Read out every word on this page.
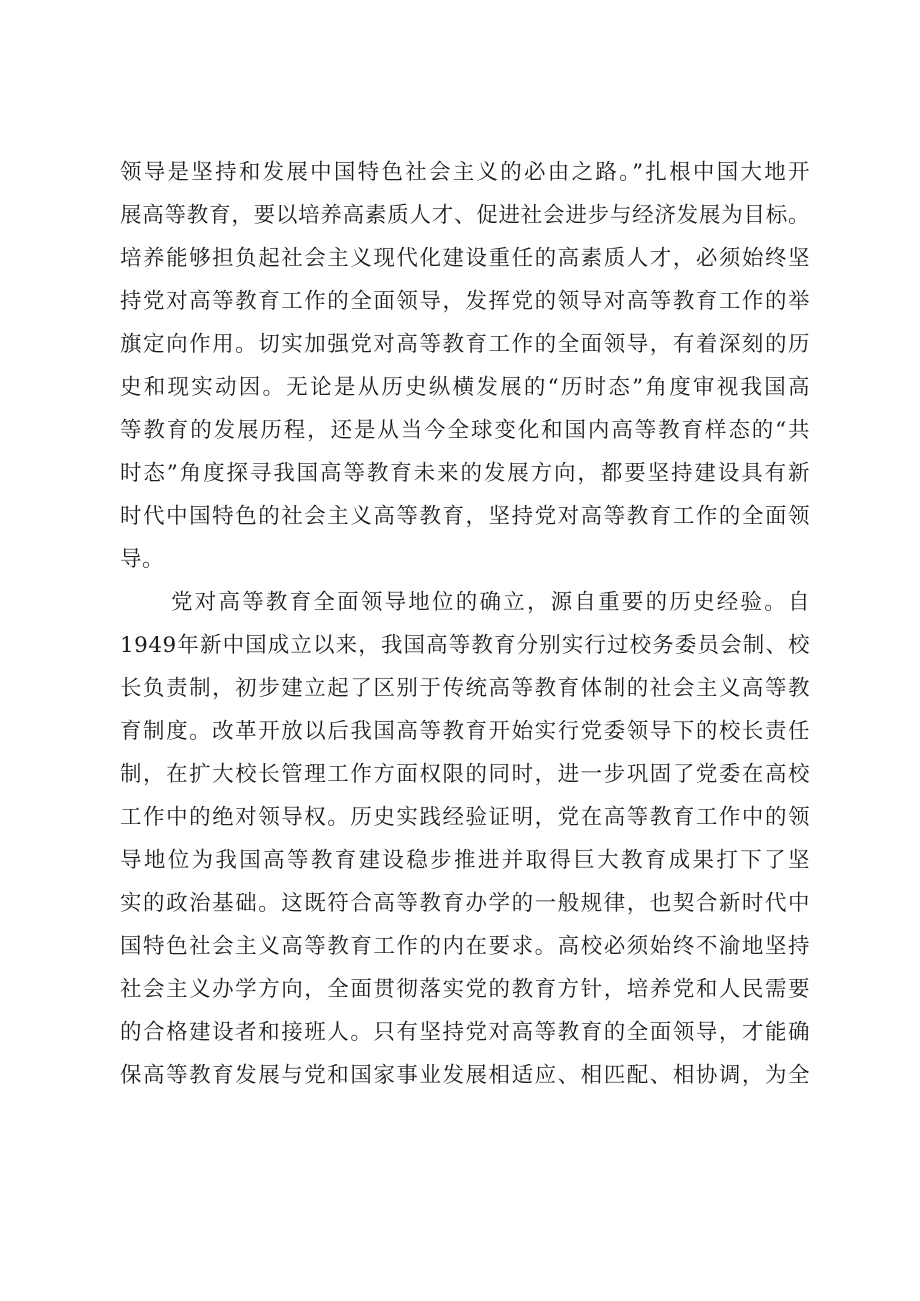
领导是坚持和发展中国特色社会主义的必由之路。”扎根中国大地开
展高等教育，要以培养高素质人才、促进社会进步与经济发展为目标。
培养能够担负起社会主义现代化建设重任的高素质人才，必须始终坚
持党对高等教育工作的全面领导，发挥党的领导对高等教育工作的举
旗定向作用。切实加强党对高等教育工作的全面领导，有着深刻的历
史和现实动因。无论是从历史纵横发展的“历时态”角度审视我国高
等教育的发展历程，还是从当今全球变化和国内高等教育样态的“共
时态”角度探寻我国高等教育未来的发展方向，都要坚持建设具有新
时代中国特色的社会主义高等教育，坚持党对高等教育工作的全面领
导。
党对高等教育全面领导地位的确立，源自重要的历史经验。自
1949年新中国成立以来，我国高等教育分别实行过校务委员会制、校
长负责制，初步建立起了区别于传统高等教育体制的社会主义高等教
育制度。改革开放以后我国高等教育开始实行党委领导下的校长责任
制，在扩大校长管理工作方面权限的同时，进一步巩固了党委在高校
工作中的绝对领导权。历史实践经验证明，党在高等教育工作中的领
导地位为我国高等教育建设稳步推进并取得巨大教育成果打下了坚
实的政治基础。这既符合高等教育办学的一般规律，也契合新时代中
国特色社会主义高等教育工作的内在要求。高校必须始终不渝地坚持
社会主义办学方向，全面贯彻落实党的教育方针，培养党和人民需要
的合格建设者和接班人。只有坚持党对高等教育的全面领导，才能确
保高等教育发展与党和国家事业发展相适应、相匹配、相协调，为全
